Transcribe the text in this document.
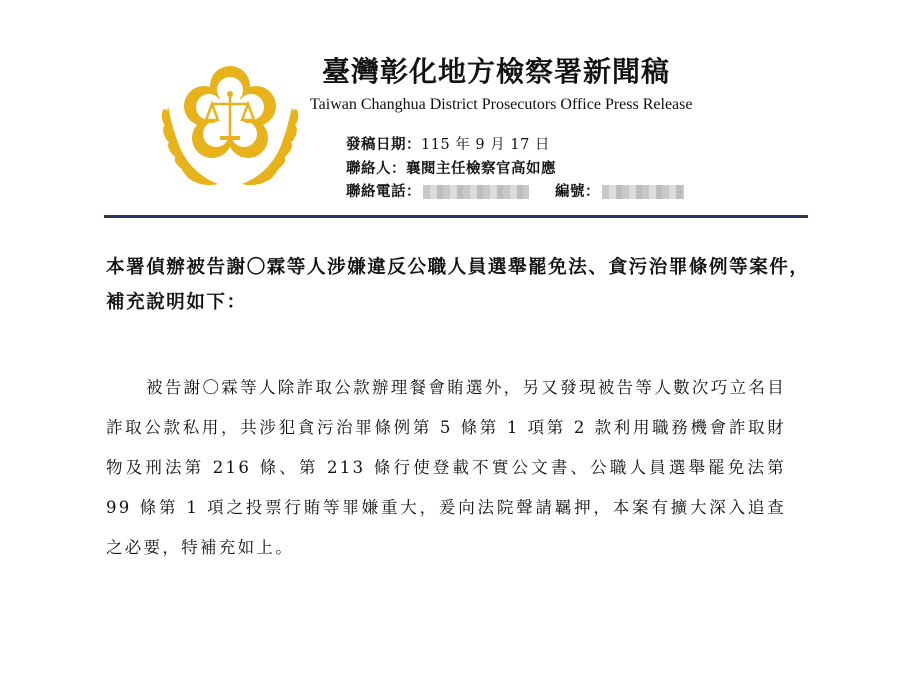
臺灣彰化地方檢察署新聞稿
Taiwan Changhua District Prosecutors Office Press Release
發稿日期：115 年 9 月 17 日
聯絡人：襄閱主任檢察官高如應
聯絡電話：	編號：
本署偵辦被告謝〇霖等人涉嫌違反公職人員選舉罷免法、貪污治罪條例等案件，補充說明如下：
被告謝〇霖等人除詐取公款辦理餐會賄選外，另又發現被告等人數次巧立名目詐取公款私用，共涉犯貪污治罪條例第 5 條第 1 項第 2 款利用職務機會詐取財物及刑法第 216 條、第 213 條行使登載不實公文書、公職人員選舉罷免法第 99 條第 1 項之投票行賄等罪嫌重大，爰向法院聲請羈押，本案有擴大深入追查之必要，特補充如上。
